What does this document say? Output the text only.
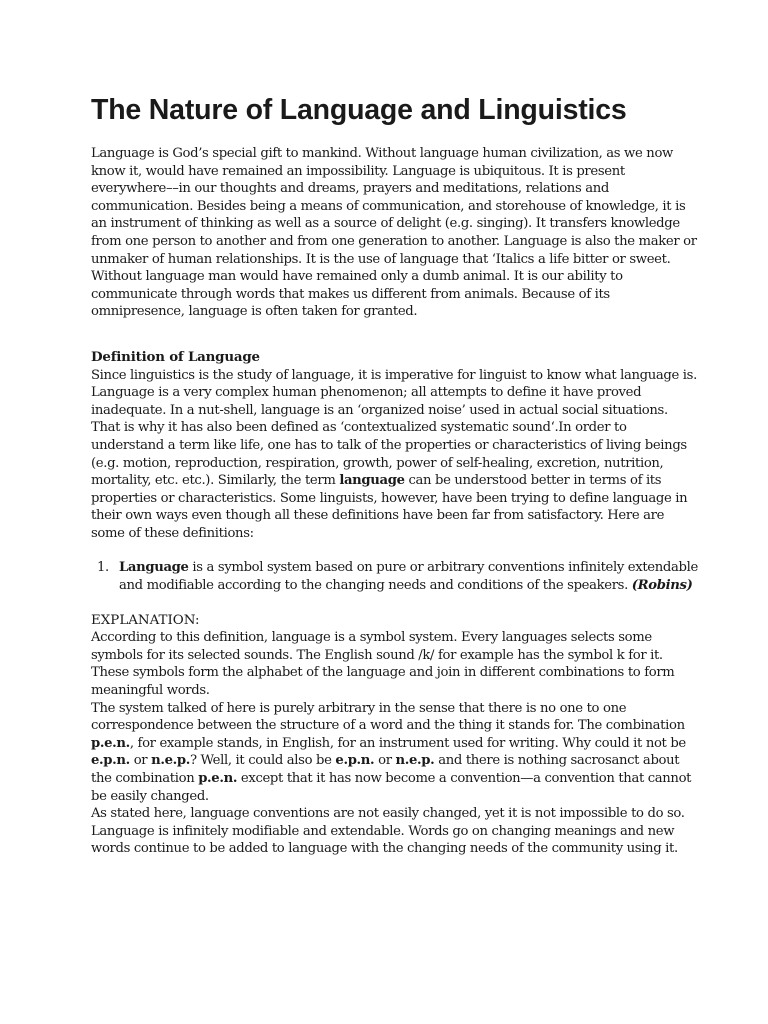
The Nature of Language and Linguistics

Language is God’s special gift to mankind. Without language human civilization, as we now know it, would have remained an impossibility. Language is ubiquitous. It is present everywhere––in our thoughts and dreams, prayers and meditations, relations and communication. Besides being a means of communication, and storehouse of knowledge, it is an instrument of thinking as well as a source of delight (e.g. singing). It transfers knowledge from one person to another and from one generation to another. Language is also the maker or unmaker of human relationships. It is the use of language that ‘Italics a life bitter or sweet. Without language man would have remained only a dumb animal. It is our ability to communicate through words that makes us different from animals. Because of its omnipresence, language is often taken for granted.

Definition of Language

Since linguistics is the study of language, it is imperative for linguist to know what language is. Language is a very complex human phenomenon; all attempts to define it have proved inadequate. In a nut-shell, language is an ‘organized noise’ used in actual social situations. That is why it has also been defined as ‘contextualized systematic sound‘.In order to understand a term like life, one has to talk of the properties or characteristics of living beings (e.g. motion, reproduction, respiration, growth, power of self-healing, excretion, nutrition, mortality, etc. etc.). Similarly, the term language can be understood better in terms of its properties or characteristics. Some linguists, however, have been trying to define language in their own ways even though all these definitions have been far from satisfactory. Here are some of these definitions:

1. Language is a symbol system based on pure or arbitrary conventions infinitely extendable and modifiable according to the changing needs and conditions of the speakers. (Robins)

EXPLANATION:

According to this definition, language is a symbol system. Every languages selects some symbols for its selected sounds. The English sound /k/ for example has the symbol k for it. These symbols form the alphabet of the language and join in different combinations to form meaningful words.

The system talked of here is purely arbitrary in the sense that there is no one to one correspondence between the structure of a word and the thing it stands for. The combination p.e.n., for example stands, in English, for an instrument used for writing. Why could it not be e.p.n. or n.e.p.? Well, it could also be e.p.n. or n.e.p. and there is nothing sacrosanct about the combination p.e.n. except that it has now become a convention—a convention that cannot be easily changed.

As stated here, language conventions are not easily changed, yet it is not impossible to do so. Language is infinitely modifiable and extendable. Words go on changing meanings and new words continue to be added to language with the changing needs of the community using it.
